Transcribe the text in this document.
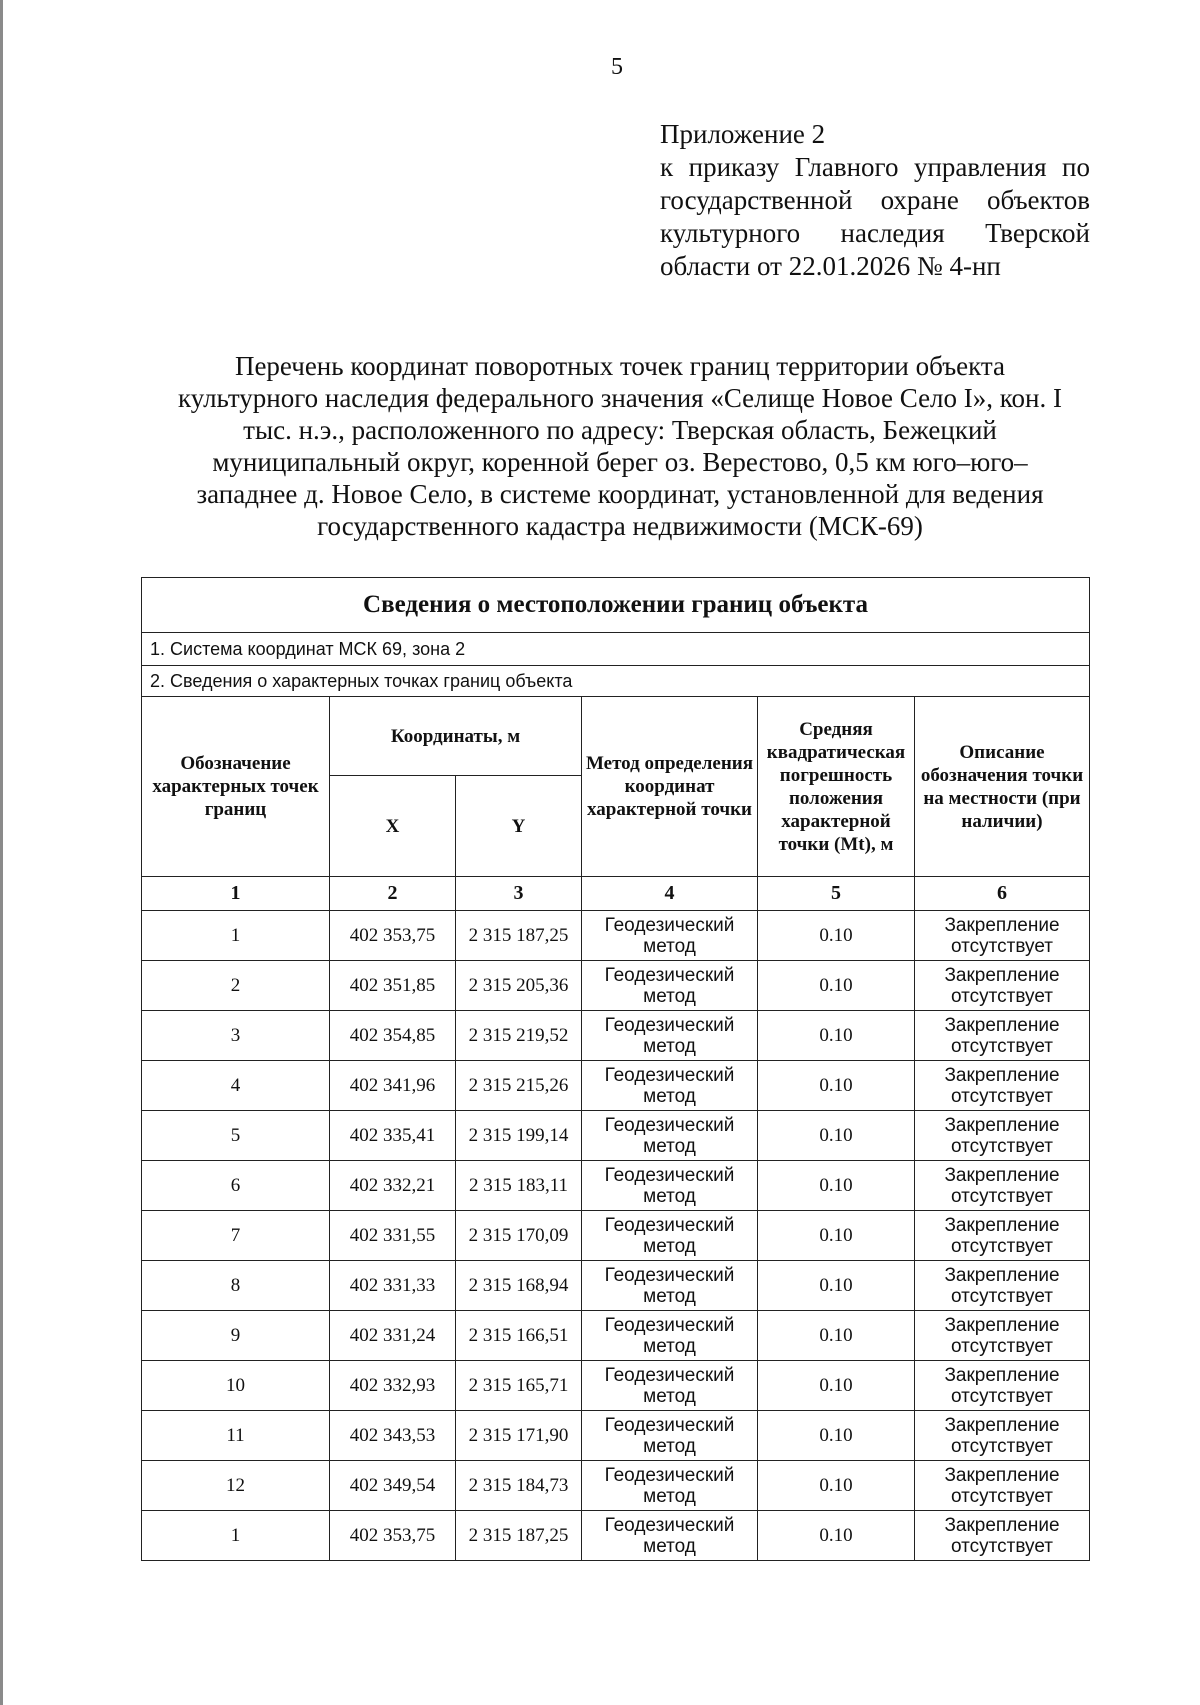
5
Приложение 2
к приказу Главного управления по
государственной охране объектов
культурного наследия Тверской
области от 22.01.2026 № 4-нп
Перечень координат поворотных точек границ территории объекта
культурного наследия федерального значения «Селище Новое Село I», кон. I
тыс. н.э., расположенного по адресу: Тверская область, Бежецкий
муниципальный округ, коренной берег оз. Верестово, 0,5 км юго–юго–
западнее д. Новое Село, в системе координат, установленной для ведения
государственного кадастра недвижимости (МСК-69)
Сведения о местоположении границ объекта					
1. Система координат МСК 69, зона 2					
2. Сведения о характерных точках границ объекта					
Обозначение характерных точек границ	Координаты, м		Метод определения координат характерной точки	Средняя квадратическая погрешность положения характерной точки (Mt), м	Описание обозначения точки на местности (при наличии)
	X	Y			
1	2	3	4	5	6
1	402 353,75	2 315 187,25	Геодезический метод	0.10	Закрепление отсутствует
2	402 351,85	2 315 205,36	Геодезический метод	0.10	Закрепление отсутствует
3	402 354,85	2 315 219,52	Геодезический метод	0.10	Закрепление отсутствует
4	402 341,96	2 315 215,26	Геодезический метод	0.10	Закрепление отсутствует
5	402 335,41	2 315 199,14	Геодезический метод	0.10	Закрепление отсутствует
6	402 332,21	2 315 183,11	Геодезический метод	0.10	Закрепление отсутствует
7	402 331,55	2 315 170,09	Геодезический метод	0.10	Закрепление отсутствует
8	402 331,33	2 315 168,94	Геодезический метод	0.10	Закрепление отсутствует
9	402 331,24	2 315 166,51	Геодезический метод	0.10	Закрепление отсутствует
10	402 332,93	2 315 165,71	Геодезический метод	0.10	Закрепление отсутствует
11	402 343,53	2 315 171,90	Геодезический метод	0.10	Закрепление отсутствует
12	402 349,54	2 315 184,73	Геодезический метод	0.10	Закрепление отсутствует
1	402 353,75	2 315 187,25	Геодезический метод	0.10	Закрепление отсутствует
